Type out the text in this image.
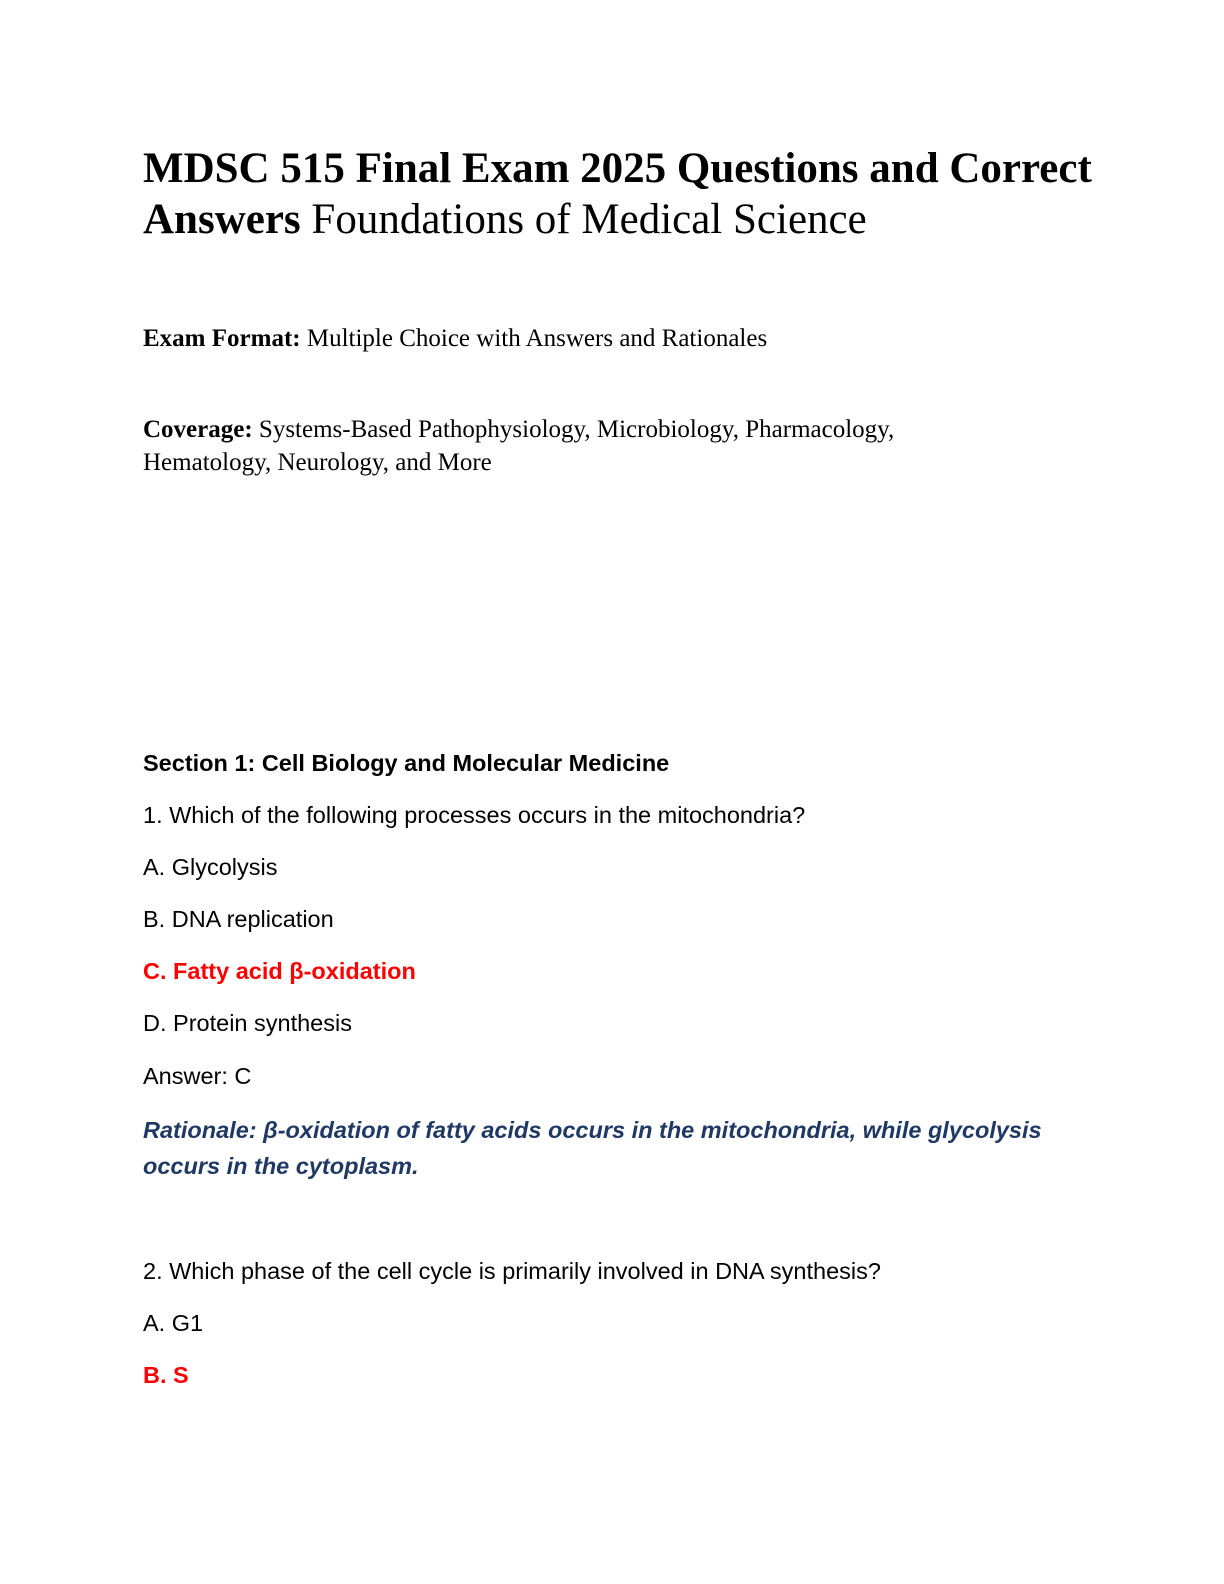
MDSC 515 Final Exam 2025 Questions and Correct Answers Foundations of Medical Science
Exam Format: Multiple Choice with Answers and Rationales
Coverage: Systems-Based Pathophysiology, Microbiology, Pharmacology,
Hematology, Neurology, and More
Section 1: Cell Biology and Molecular Medicine
1. Which of the following processes occurs in the mitochondria?
A. Glycolysis
B. DNA replication
C. Fatty acid β-oxidation
D. Protein synthesis
Answer: C
Rationale: β-oxidation of fatty acids occurs in the mitochondria, while glycolysis
occurs in the cytoplasm.
2. Which phase of the cell cycle is primarily involved in DNA synthesis?
A. G1
B. S
